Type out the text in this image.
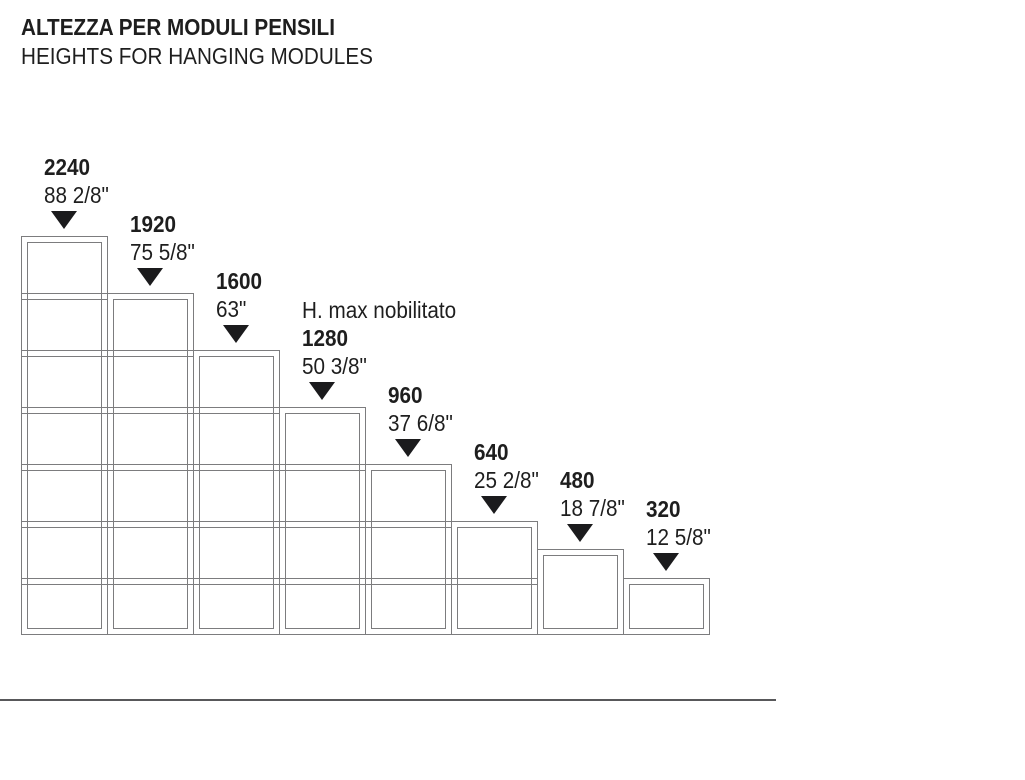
ALTEZZA PER MODULI PENSILI
HEIGHTS FOR HANGING MODULES
2240
88 2/8"
1920
75 5/8"
1600
63"	H. max nobilitato
1280
50 3/8"
960
37 6/8"
640
25 2/8" 480
18 7/8" 320
12 5/8"
